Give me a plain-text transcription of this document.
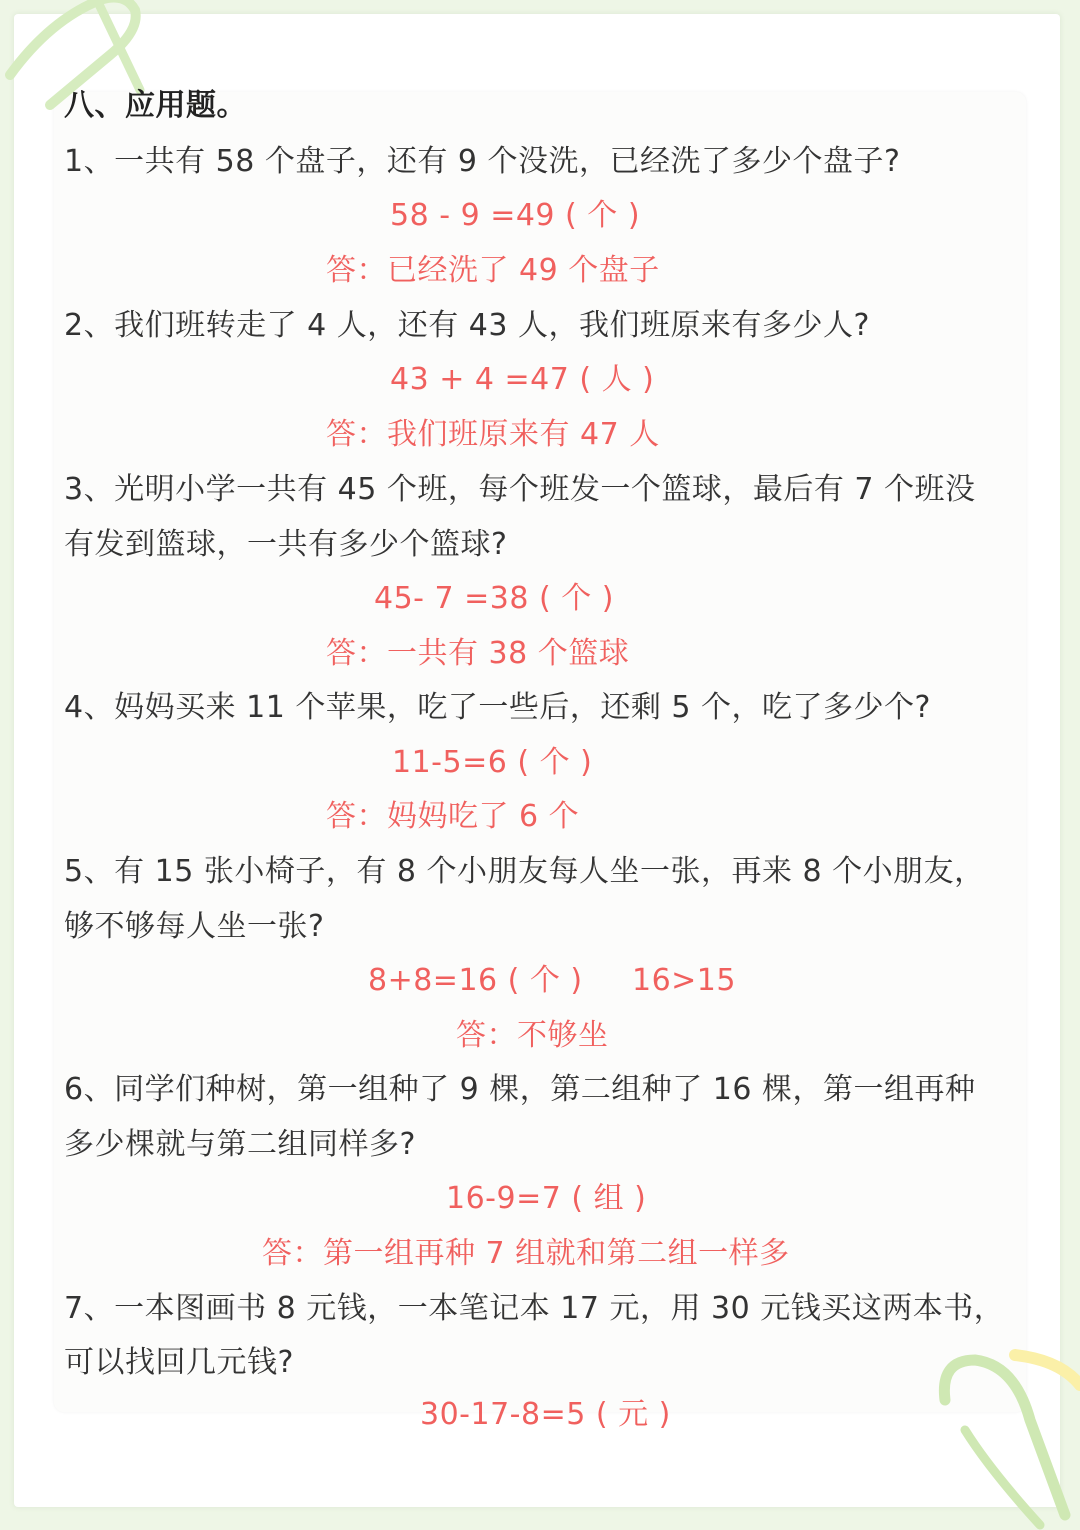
八、应用题。
1、一共有 58 个盘子，还有 9 个没洗，已经洗了多少个盘子?
58 - 9 =49 ( 个 )
答：已经洗了 49 个盘子
2、我们班转走了 4 人，还有 43 人，我们班原来有多少人?
43 + 4 =47 ( 人 )
答：我们班原来有 47 人
3、光明小学一共有 45 个班，每个班发一个篮球，最后有 7 个班没
有发到篮球，一共有多少个篮球?
45- 7 =38 ( 个 )
答：一共有 38 个篮球
4、妈妈买来 11 个苹果，吃了一些后，还剩 5 个，吃了多少个?
11-5=6 ( 个 )
答：妈妈吃了 6 个
5、有 15 张小椅子，有 8 个小朋友每人坐一张，再来 8 个小朋友，
够不够每人坐一张?
8+8=16 ( 个 ) 16>15
答：不够坐
6、同学们种树，第一组种了 9 棵，第二组种了 16 棵，第一组再种
多少棵就与第二组同样多?
16-9=7 ( 组 )
答：第一组再种 7 组就和第二组一样多
7、一本图画书 8 元钱，一本笔记本 17 元，用 30 元钱买这两本书，
可以找回几元钱?
30-17-8=5 ( 元 )
